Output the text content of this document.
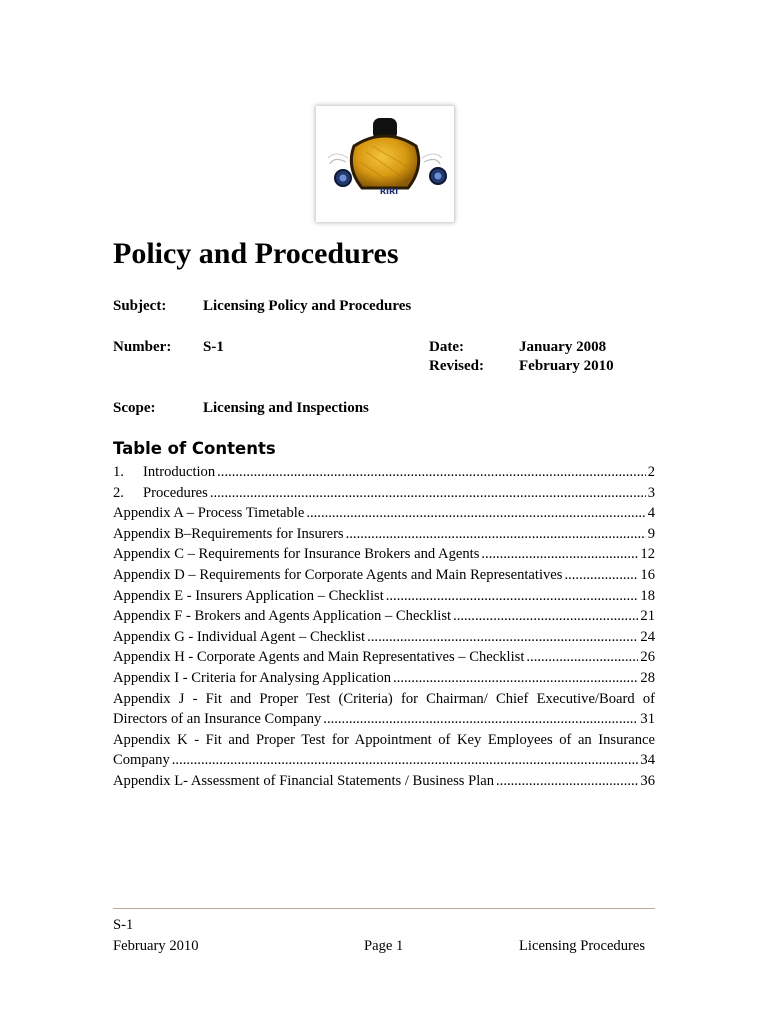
RIRI
Policy and Procedures
Subject: Licensing Policy and Procedures
Number: S-1	Date:	January 2008
Revised: February 2010
Scope:	Licensing and Inspections
Table of Contents
1.	Introduction .....	2
2.	Procedures .....	3
Appendix A – Process Timetable .....	4
Appendix B–Requirements for Insurers .....	9
Appendix C – Requirements for Insurance Brokers and Agents .....	12
Appendix D – Requirements for Corporate Agents and Main Representatives .....	16
Appendix E - Insurers Application – Checklist .....	18
Appendix F - Brokers and Agents Application – Checklist .....	21
Appendix G - Individual Agent – Checklist .....	24
Appendix H - Corporate Agents and Main Representatives – Checklist .....	26
Appendix I - Criteria for Analysing Application .....	28
Appendix J - Fit and Proper Test (Criteria) for Chairman/ Chief Executive/Board of
Directors of an Insurance Company .....	31
Appendix K - Fit and Proper Test for Appointment of Key Employees of an Insurance
Company .....	34
Appendix L- Assessment of Financial Statements / Business Plan .....	36
S-1
February 2010	Page 1	Licensing Procedures
